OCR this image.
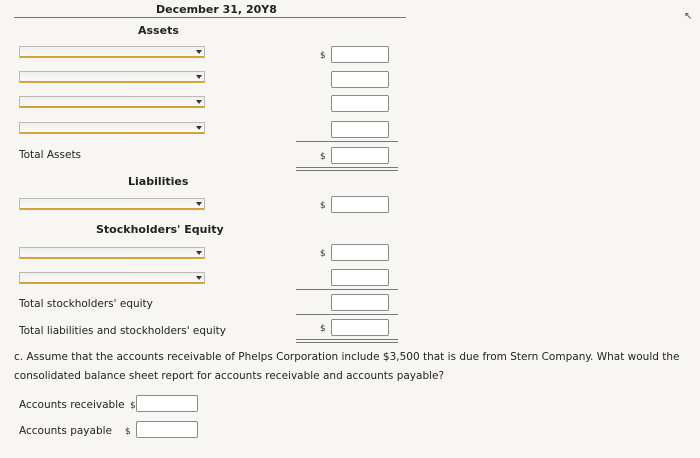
December 31, 20Y8
Assets
$
Total Assets	$
Liabilities
$
Stockholders' Equity
$
Total stockholders' equity
Total liabilities and stockholders' equity	$
c. Assume that the accounts receivable of Phelps Corporation include $3,500 that is due from Stern Company. What would the consolidated balance sheet report for accounts receivable and accounts payable?
Accounts receivable $
Accounts payable $
↖
